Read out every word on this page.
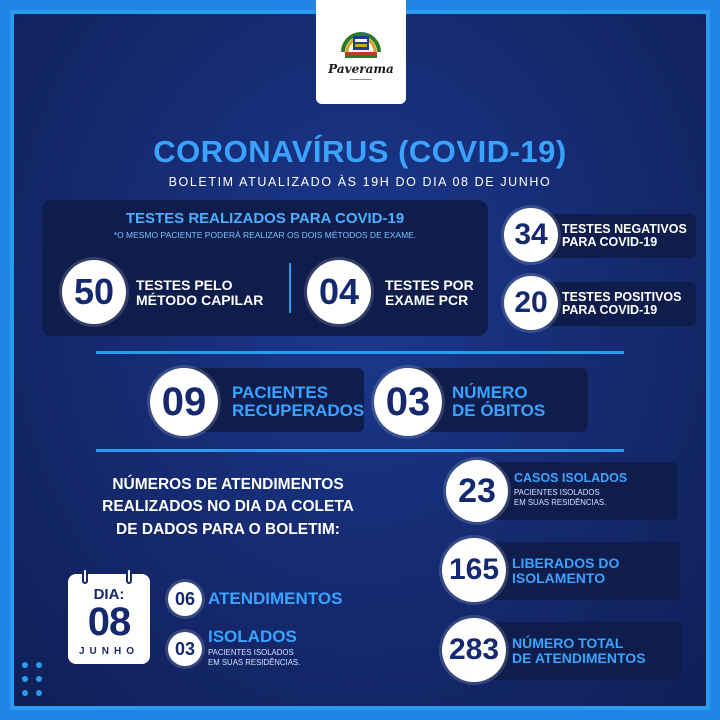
Paverama
━━━━━━━━━
CORONAVÍRUS (COVID-19)
BOLETIM ATUALIZADO ÀS 19H DO DIA 08 DE JUNHO
TESTES REALIZADOS PARA COVID-19
*O MESMO PACIENTE PODERÁ REALIZAR OS DOIS MÉTODOS DE EXAME.
50	TESTES PELO
MÉTODO CAPILAR	04	TESTES POR
EXAME PCR
34	TESTES NEGATIVOS
PARA COVID-19
20	TESTES POSITIVOS
PARA COVID-19
09	PACIENTES
RECUPERADOS 03	NÚMERO
DE ÓBITOS
NÚMEROS DE ATENDIMENTOS
REALIZADOS NO DIA DA COLETA
DE DADOS PARA O BOLETIM:
DIA:
08
JUNHO
06 ATENDIMENTOS
03
ISOLADOS
PACIENTES ISOLADOS
EM SUAS RESIDÊNCIAS.
23	CASOS ISOLADOS
PACIENTES ISOLADOS
EM SUAS RESIDÊNCIAS.
165 LIBERADOS DO
ISOLAMENTO
283 NÚMERO TOTAL
DE ATENDIMENTOS
